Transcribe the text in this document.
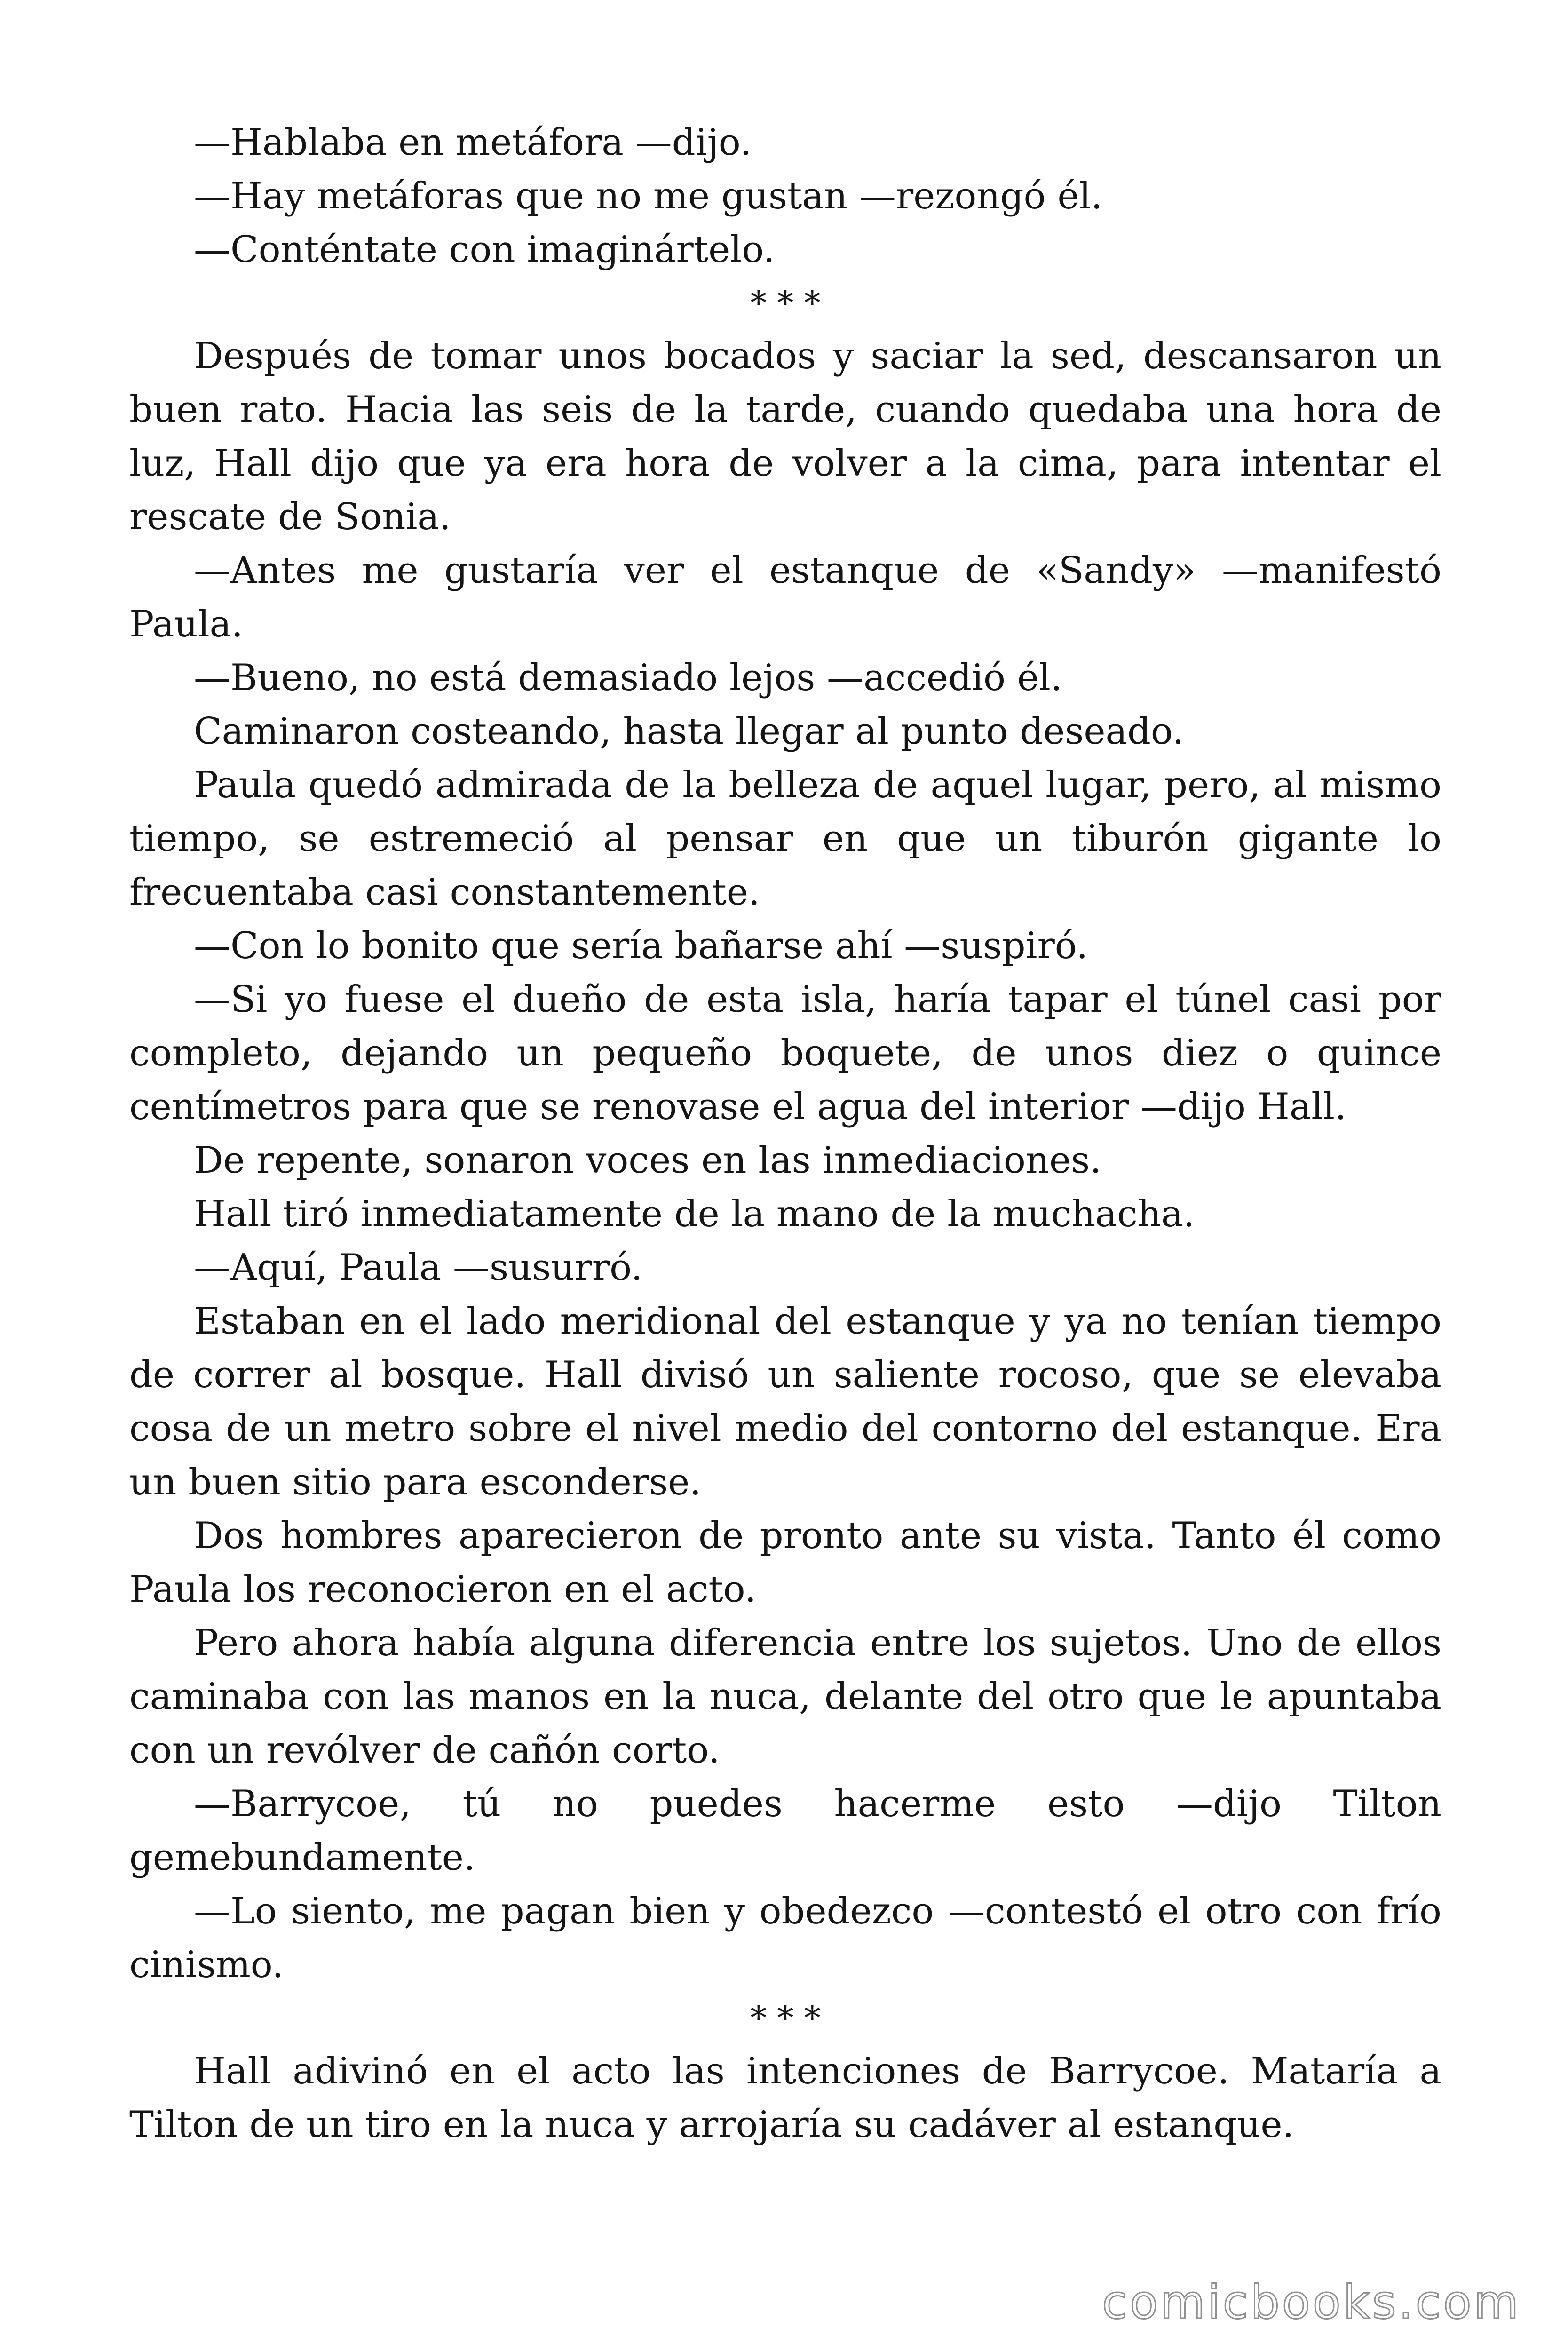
—Hablaba en metáfora —dijo.

—Hay metáforas que no me gustan —rezongó él.

—Conténtate con imaginártelo.

* * *

Después de tomar unos bocados y saciar la sed, descansaron un buen rato. Hacia las seis de la tarde, cuando quedaba una hora de luz, Hall dijo que ya era hora de volver a la cima, para intentar el rescate de Sonia.

—Antes me gustaría ver el estanque de «Sandy» —manifestó Paula.

—Bueno, no está demasiado lejos —accedió él.

Caminaron costeando, hasta llegar al punto deseado.

Paula quedó admirada de la belleza de aquel lugar, pero, al mismo tiempo, se estremeció al pensar en que un tiburón gigante lo frecuentaba casi constantemente.

—Con lo bonito que sería bañarse ahí —suspiró.

—Si yo fuese el dueño de esta isla, haría tapar el túnel casi por completo, dejando un pequeño boquete, de unos diez o quince centímetros para que se renovase el agua del interior —dijo Hall.

De repente, sonaron voces en las inmediaciones.

Hall tiró inmediatamente de la mano de la muchacha.

—Aquí, Paula —susurró.

Estaban en el lado meridional del estanque y ya no tenían tiempo de correr al bosque. Hall divisó un saliente rocoso, que se elevaba cosa de un metro sobre el nivel medio del contorno del estanque. Era un buen sitio para esconderse.

Dos hombres aparecieron de pronto ante su vista. Tanto él como Paula los reconocieron en el acto.

Pero ahora había alguna diferencia entre los sujetos. Uno de ellos caminaba con las manos en la nuca, delante del otro que le apuntaba con un revólver de cañón corto.

—Barrycoe, tú no puedes hacerme esto —dijo Tilton gemebundamente.

—Lo siento, me pagan bien y obedezco —contestó el otro con frío cinismo.

* * *

Hall adivinó en el acto las intenciones de Barrycoe. Mataría a Tilton de un tiro en la nuca y arrojaría su cadáver al estanque.

comicbooks.com
